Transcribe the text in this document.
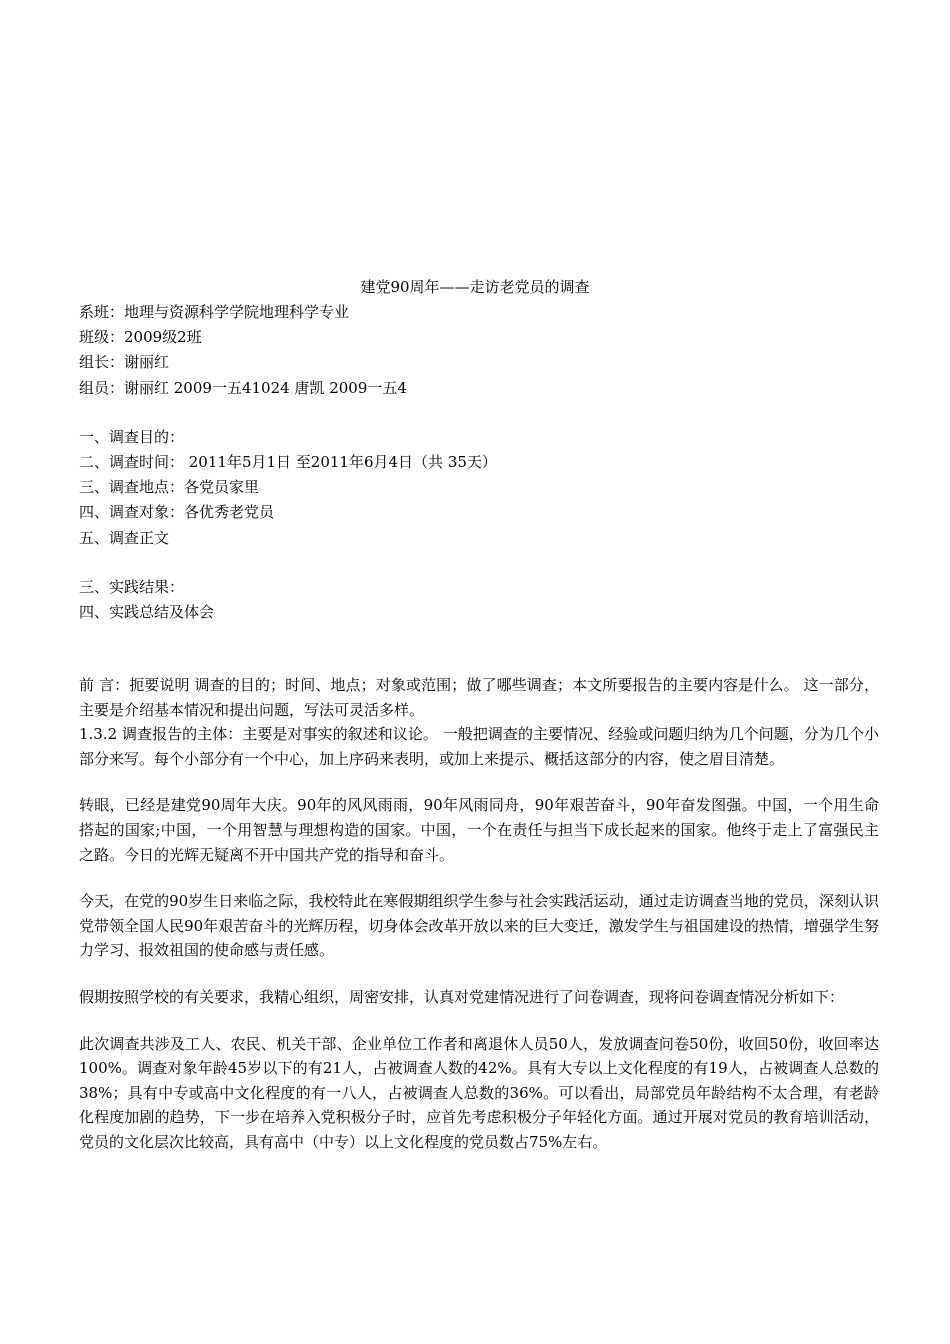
建党90周年——走访老党员的调查
系班：地理与资源科学学院地理科学专业
班级：2009级2班
组长：谢丽红
组员：谢丽红 2009一五41024 唐凯 2009一五4
一、调查目的：
二、调查时间： 2011年5月1日 至2011年6月4日（共 35天）
三、调查地点：各党员家里
四、调查对象：各优秀老党员
五、调查正文
三、实践结果：
四、实践总结及体会

前 言：扼要说明 调查的目的；时间、地点；对象或范围；做了哪些调查；本文所要报告的主要内容是什么。 这一部分，主要是介绍基本情况和提出问题，写法可灵活多样。

1.3.2 调查报告的主体：主要是对事实的叙述和议论。 一般把调查的主要情况、经验或问题归纳为几个问题，分为几个小部分来写。每个小部分有一个中心，加上序码来表明，或加上来提示、概括这部分的内容，使之眉目清楚。

转眼，已经是建党90周年大庆。90年的风风雨雨，90年风雨同舟，90年艰苦奋斗，90年奋发图强。中国，一个用生命搭起的国家;中国，一个用智慧与理想构造的国家。中国，一个在责任与担当下成长起来的国家。他终于走上了富强民主之路。今日的光辉无疑离不开中国共产党的指导和奋斗。

今天，在党的90岁生日来临之际，我校特此在寒假期组织学生参与社会实践活运动，通过走访调查当地的党员，深刻认识党带领全国人民90年艰苦奋斗的光辉历程，切身体会改革开放以来的巨大变迁，激发学生与祖国建设的热情，增强学生努力学习、报效祖国的使命感与责任感。

假期按照学校的有关要求，我精心组织，周密安排，认真对党建情况进行了问卷调查，现将问卷调查情况分析如下：

此次调查共涉及工人、农民、机关干部、企业单位工作者和离退休人员50人，发放调查问卷50份，收回50份，收回率达100%。调查对象年龄45岁以下的有21人，占被调查人数的42%。具有大专以上文化程度的有19人，占被调查人总数的38%；具有中专或高中文化程度的有一八人，占被调查人总数的36%。可以看出，局部党员年龄结构不太合理，有老龄化程度加剧的趋势，下一步在培养入党积极分子时，应首先考虑积极分子年轻化方面。通过开展对党员的教育培训活动，党员的文化层次比较高，具有高中（中专）以上文化程度的党员数占75%左右。
